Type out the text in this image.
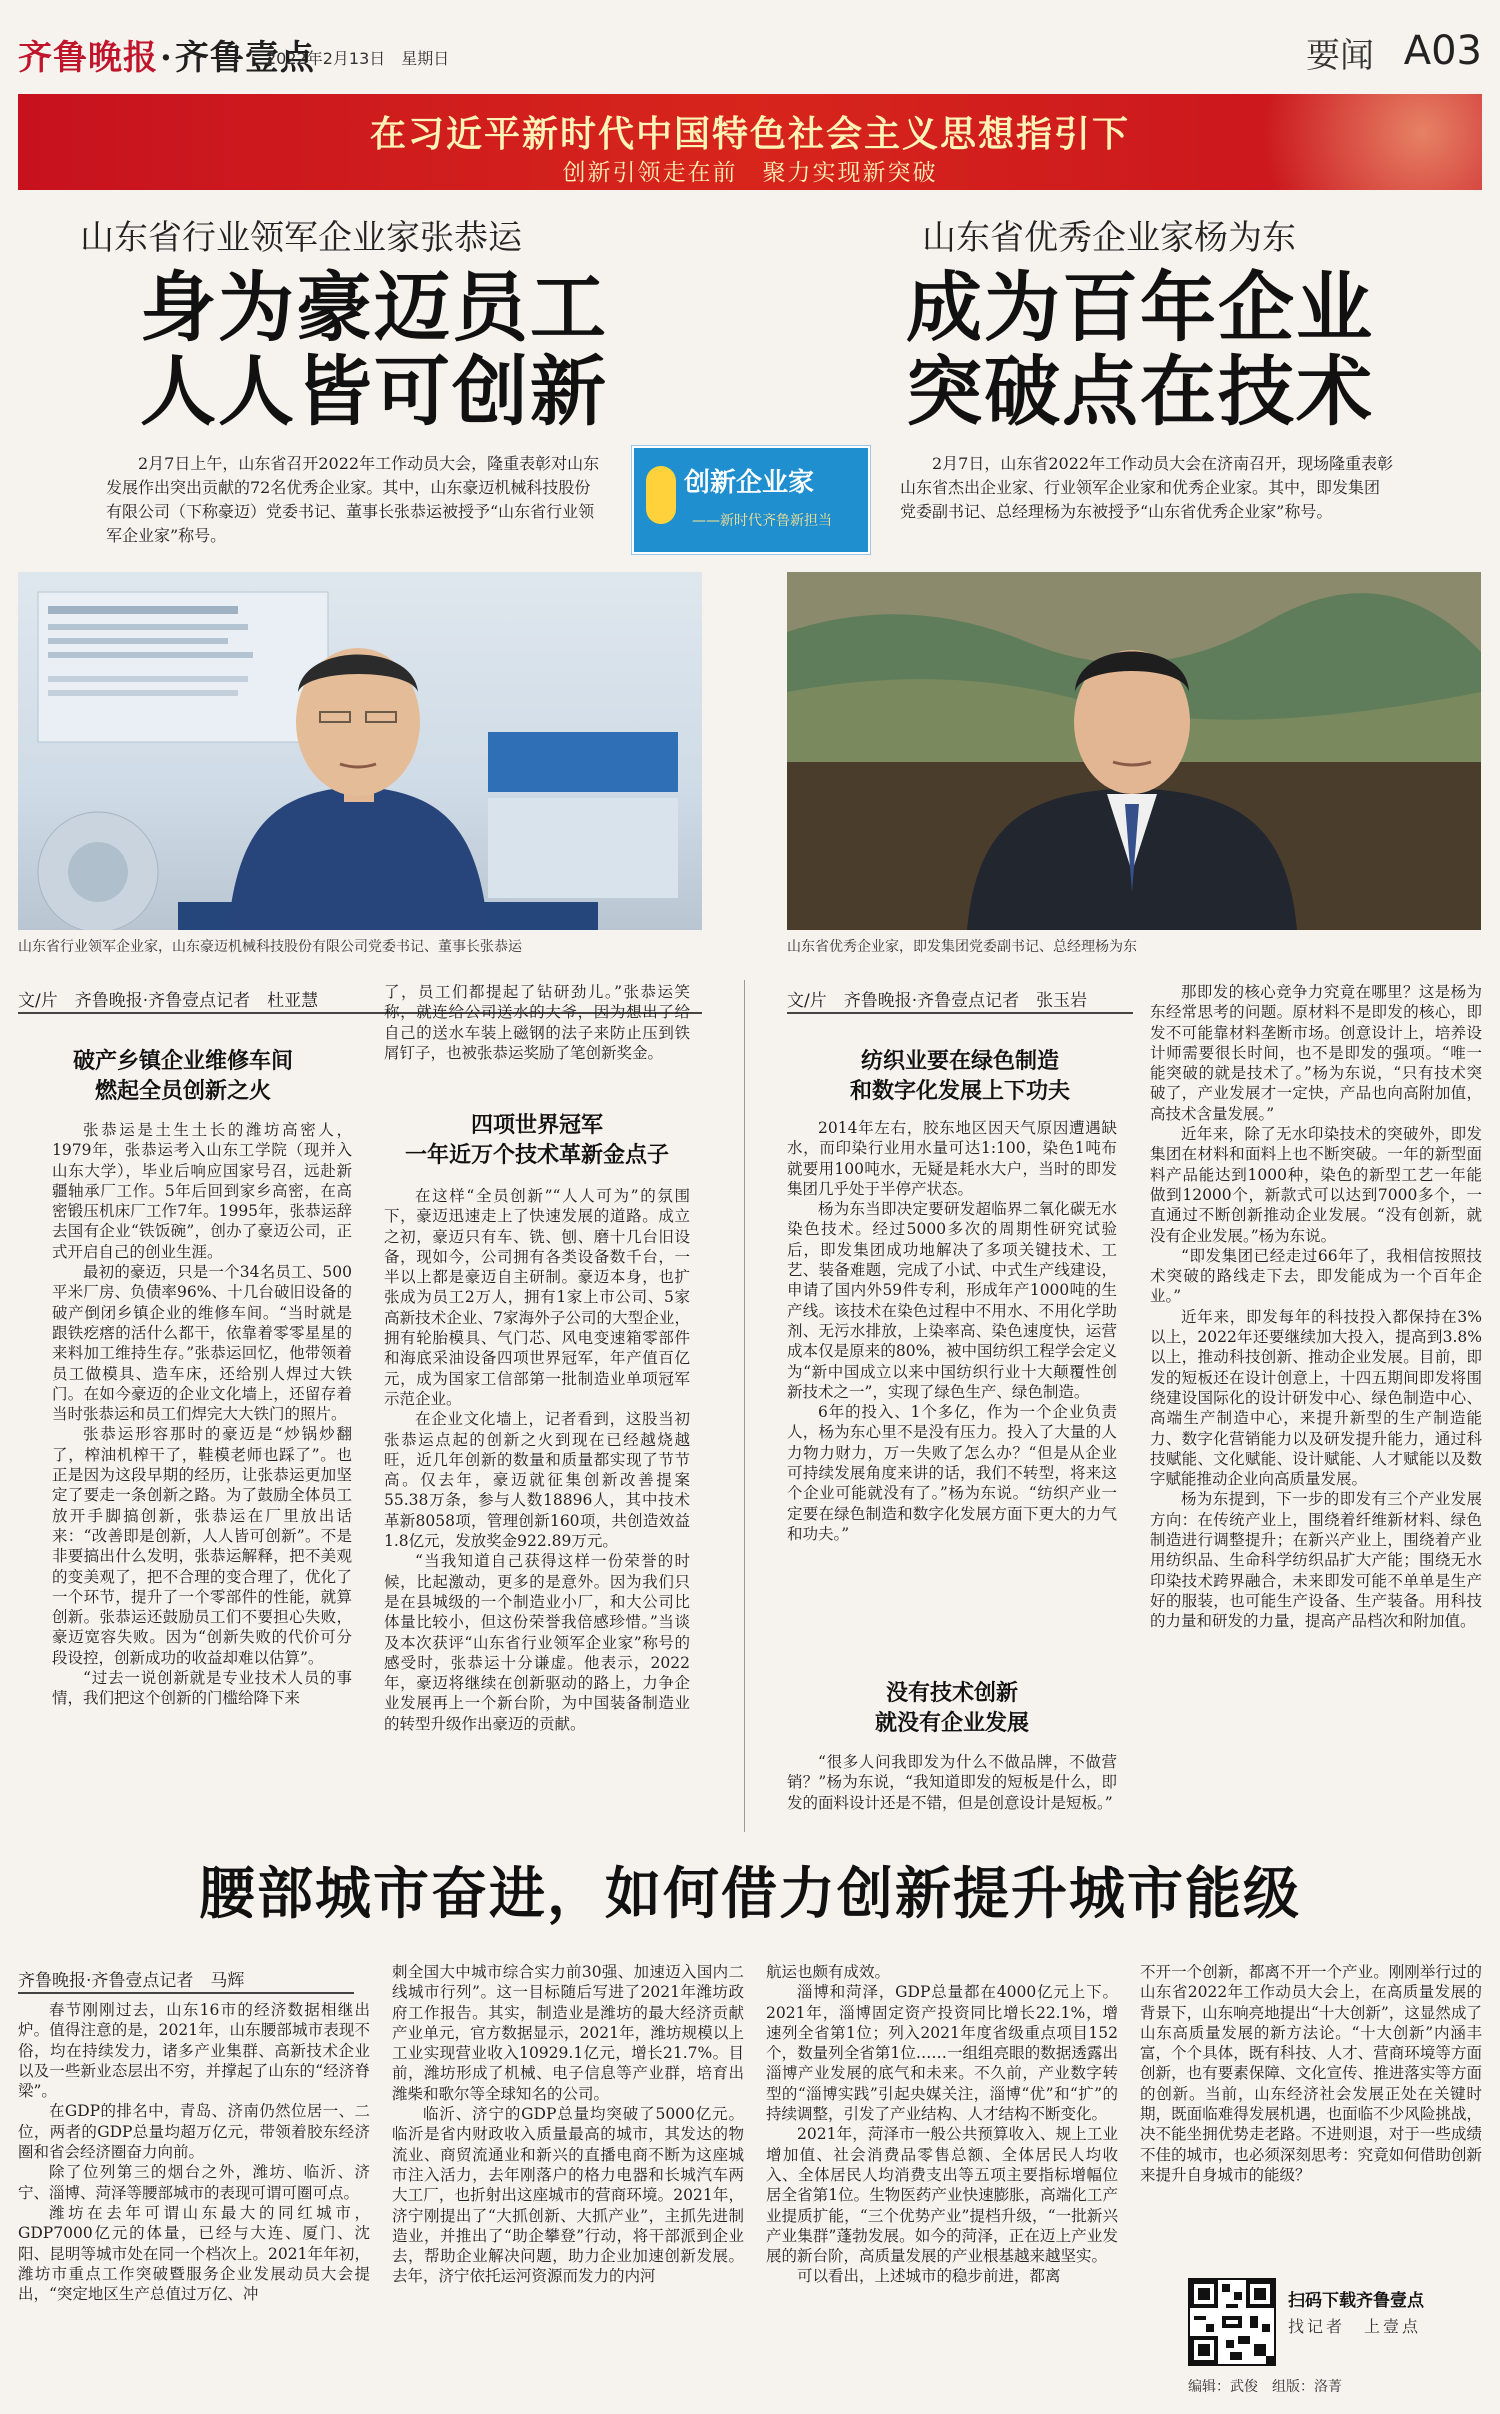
齐鲁晚报·齐鲁壹点
2022年2月13日　星期日	要闻 A03
在习近平新时代中国特色社会主义思想指引下
创新引领走在前　聚力实现新突破
山东省行业领军企业家张恭运
身为豪迈员工
人人皆可创新
2月7日上午，山东省召开2022年工作动员大会，隆重表彰对山东发展作出突出贡献的72名优秀企业家。其中，山东豪迈机械科技股份有限公司（下称豪迈）党委书记、董事长张恭运被授予“山东省行业领军企业家”称号。
创新企业家
——新时代齐鲁新担当
山东省优秀企业家杨为东
成为百年企业
突破点在技术
2月7日，山东省2022年工作动员大会在济南召开，现场隆重表彰山东省杰出企业家、行业领军企业家和优秀企业家。其中，即发集团党委副书记、总经理杨为东被授予“山东省优秀企业家”称号。
山东省行业领军企业家，山东豪迈机械科技股份有限公司党委书记、董事长张恭运	山东省优秀企业家，即发集团党委副书记、总经理杨为东
文/片　齐鲁晚报·齐鲁壹点记者　杜亚慧
破产乡镇企业维修车间
燃起全员创新之火

张恭运是土生土长的潍坊高密人，1979年，张恭运考入山东工学院（现并入山东大学），毕业后响应国家号召，远赴新疆轴承厂工作。5年后回到家乡高密，在高密锻压机床厂工作7年。1995年，张恭运辞去国有企业“铁饭碗”，创办了豪迈公司，正式开启自己的创业生涯。

最初的豪迈，只是一个34名员工、500平米厂房、负债率96%、十几台破旧设备的破产倒闭乡镇企业的维修车间。“当时就是跟铁疙瘩的活什么都干，依靠着零零星星的来料加工维持生存。”张恭运回忆，他带领着员工做模具、造车床，还给别人焊过大铁门。在如今豪迈的企业文化墙上，还留存着当时张恭运和员工们焊完大大铁门的照片。

张恭运形容那时的豪迈是“炒锅炒翻了，榨油机榨干了，鞋模老师也踩了”。也正是因为这段早期的经历，让张恭运更加坚定了要走一条创新之路。为了鼓励全体员工放开手脚搞创新，张恭运在厂里放出话来：“改善即是创新，人人皆可创新”。不是非要搞出什么发明，张恭运解释，把不美观的变美观了，把不合理的变合理了，优化了一个环节，提升了一个零部件的性能，就算创新。张恭运还鼓励员工们不要担心失败，豪迈宽容失败。因为“创新失败的代价可分段设控，创新成功的收益却难以估算”。

“过去一说创新就是专业技术人员的事情，我们把这个创新的门槛给降下来

了，员工们都提起了钻研劲儿。”张恭运笑称，就连给公司送水的大爷，因为想出了给自己的送水车装上磁钢的法子来防止压到铁屑钉子，也被张恭运奖励了笔创新奖金。

四项世界冠军
一年近万个技术革新金点子

在这样“全员创新”“人人可为”的氛围下，豪迈迅速走上了快速发展的道路。成立之初，豪迈只有车、铣、刨、磨十几台旧设备，现如今，公司拥有各类设备数千台，一半以上都是豪迈自主研制。豪迈本身，也扩张成为员工2万人，拥有1家上市公司、5家高新技术企业、7家海外子公司的大型企业，拥有轮胎模具、气门芯、风电变速箱零部件和海底采油设备四项世界冠军，年产值百亿元，成为国家工信部第一批制造业单项冠军示范企业。

在企业文化墙上，记者看到，这股当初张恭运点起的创新之火到现在已经越烧越旺，近几年创新的数量和质量都实现了节节高。仅去年，豪迈就征集创新改善提案55.38万条，参与人数18896人，其中技术革新8058项，管理创新160项，共创造效益1.8亿元，发放奖金922.89万元。

“当我知道自己获得这样一份荣誉的时候，比起激动，更多的是意外。因为我们只是在县城级的一个制造业小厂，和大公司比体量比较小，但这份荣誉我倍感珍惜。”当谈及本次获评“山东省行业领军企业家”称号的感受时，张恭运十分谦虚。他表示，2022年，豪迈将继续在创新驱动的路上，力争企业发展再上一个新台阶，为中国装备制造业的转型升级作出豪迈的贡献。

文/片　齐鲁晚报·齐鲁壹点记者　张玉岩
纺织业要在绿色制造
和数字化发展上下功夫

2014年左右，胶东地区因天气原因遭遇缺水，而印染行业用水量可达1:100，染色1吨布就要用100吨水，无疑是耗水大户，当时的即发集团几乎处于半停产状态。

杨为东当即决定要研发超临界二氧化碳无水染色技术。经过5000多次的周期性研究试验后，即发集团成功地解决了多项关键技术、工艺、装备难题，完成了小试、中式生产线建设，申请了国内外59件专利，形成年产1000吨的生产线。该技术在染色过程中不用水、不用化学助剂、无污水排放，上染率高、染色速度快，运营成本仅是原来的80%，被中国纺织工程学会定义为“新中国成立以来中国纺织行业十大颠覆性创新技术之一”，实现了绿色生产、绿色制造。

6年的投入、1个多亿，作为一个企业负责人，杨为东心里不是没有压力。投入了大量的人力物力财力，万一失败了怎么办？“但是从企业可持续发展角度来讲的话，我们不转型，将来这个企业可能就没有了。”杨为东说。“纺织产业一定要在绿色制造和数字化发展方面下更大的力气和功夫。”

没有技术创新
就没有企业发展

“很多人问我即发为什么不做品牌，不做营销？”杨为东说，“我知道即发的短板是什么，即发的面料设计还是不错，但是创意设计是短板。”

那即发的核心竞争力究竟在哪里？这是杨为东经常思考的问题。原材料不是即发的核心，即发不可能靠材料垄断市场。创意设计上，培养设计师需要很长时间，也不是即发的强项。“唯一能突破的就是技术了。”杨为东说，“只有技术突破了，产业发展才一定快，产品也向高附加值，高技术含量发展。”

近年来，除了无水印染技术的突破外，即发集团在材料和面料上也不断突破。一年的新型面料产品能达到1000种，染色的新型工艺一年能做到12000个，新款式可以达到7000多个，一直通过不断创新推动企业发展。“没有创新，就没有企业发展。”杨为东说。

“即发集团已经走过66年了，我相信按照技术突破的路线走下去，即发能成为一个百年企业。”

近年来，即发每年的科技投入都保持在3%以上，2022年还要继续加大投入，提高到3.8%以上，推动科技创新、推动企业发展。目前，即发的短板还在设计创意上，十四五期间即发将围绕建设国际化的设计研发中心、绿色制造中心、高端生产制造中心，来提升新型的生产制造能力、数字化营销能力以及研发提升能力，通过科技赋能、文化赋能、设计赋能、人才赋能以及数字赋能推动企业向高质量发展。

杨为东提到，下一步的即发有三个产业发展方向：在传统产业上，围绕着纤维新材料、绿色制造进行调整提升；在新兴产业上，围绕着产业用纺织品、生命科学纺织品扩大产能；围绕无水印染技术跨界融合，未来即发可能不单单是生产好的服装，也可能生产设备、生产装备。用科技的力量和研发的力量，提高产品档次和附加值。

腰部城市奋进，如何借力创新提升城市能级
齐鲁晚报·齐鲁壹点记者　马辉

春节刚刚过去，山东16市的经济数据相继出炉。值得注意的是，2021年，山东腰部城市表现不俗，均在持续发力，诸多产业集群、高新技术企业以及一些新业态层出不穷，并撑起了山东的“经济脊梁”。

在GDP的排名中，青岛、济南仍然位居一、二位，两者的GDP总量均超万亿元，带领着胶东经济圈和省会经济圈奋力向前。

除了位列第三的烟台之外，潍坊、临沂、济宁、淄博、菏泽等腰部城市的表现可谓可圈可点。

潍坊在去年可谓山东最大的同红城市，GDP7000亿元的体量，已经与大连、厦门、沈阳、昆明等城市处在同一个档次上。2021年年初，潍坊市重点工作突破暨服务企业发展动员大会提出，“突定地区生产总值过万亿、冲

刺全国大中城市综合实力前30强、加速迈入国内二线城市行列”。这一目标随后写进了2021年潍坊政府工作报告。其实，制造业是潍坊的最大经济贡献产业单元，官方数据显示，2021年，潍坊规模以上工业实现营业收入10929.1亿元，增长21.7%。目前，潍坊形成了机械、电子信息等产业群，培育出潍柴和歌尔等全球知名的公司。

临沂、济宁的GDP总量均突破了5000亿元。临沂是省内财政收入质量最高的城市，其发达的物流业、商贸流通业和新兴的直播电商不断为这座城市注入活力，去年刚落户的格力电器和长城汽车两大工厂，也折射出这座城市的营商环境。2021年，济宁刚提出了“大抓创新、大抓产业”，主抓先进制造业，并推出了“助企攀登”行动，将干部派到企业去，帮助企业解决问题，助力企业加速创新发展。去年，济宁依托运河资源而发力的内河

航运也颇有成效。

淄博和菏泽，GDP总量都在4000亿元上下。2021年，淄博固定资产投资同比增长22.1%，增速列全省第1位；列入2021年度省级重点项目152个，数量列全省第1位……一组组亮眼的数据透露出淄博产业发展的底气和未来。不久前，产业数字转型的“淄博实践”引起央媒关注，淄博“优”和“扩”的持续调整，引发了产业结构、人才结构不断变化。

2021年，菏泽市一般公共预算收入、规上工业增加值、社会消费品零售总额、全体居民人均收入、全体居民人均消费支出等五项主要指标增幅位居全省第1位。生物医药产业快速膨胀，高端化工产业提质扩能，“三个优势产业”提档升级，“一批新兴产业集群”蓬勃发展。如今的菏泽，正在迈上产业发展的新台阶，高质量发展的产业根基越来越坚实。

可以看出，上述城市的稳步前进，都离

不开一个创新，都离不开一个产业。刚刚举行过的山东省2022年工作动员大会上，在高质量发展的背景下，山东响亮地提出“十大创新”，这显然成了山东高质量发展的新方法论。“十大创新”内涵丰富，个个具体，既有科技、人才、营商环境等方面创新，也有要素保障、文化宣传、推进落实等方面的创新。当前，山东经济社会发展正处在关键时期，既面临难得发展机遇，也面临不少风险挑战，决不能坐拥优势走老路。不进则退，对于一些成绩不佳的城市，也必须深刻思考：究竟如何借助创新来提升自身城市的能级？

扫码下载齐鲁壹点
找记者　上壹点
编辑：武俊　组版：洛菁
